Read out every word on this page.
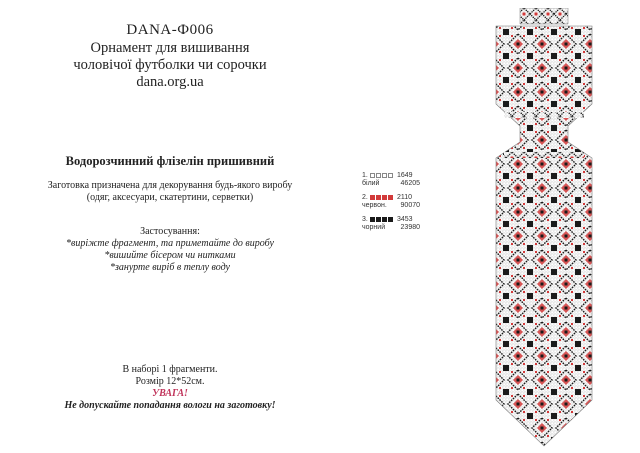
DANA-Ф006
Орнамент для вишивання
чоловічої футболки чи сорочки
dana.org.ua
Водорозчинний флізелін пришивний
Заготовка призначена для декорування будь-якого виробу
(одяг, аксесуари, скатертини, серветки)
Застосування:
*виріжте фрагмент, та приметайте до виробу
*вишийте бісером чи нитками
*занурте виріб в теплу воду
В наборі 1 фрагменти.
Розмір 12*52см.
УВАГА!
Не допускайте попадання вологи на заготовку!
1.	1649
білий	46205
2.	2110
червон. 90070
3.	3453
чорний 23980
